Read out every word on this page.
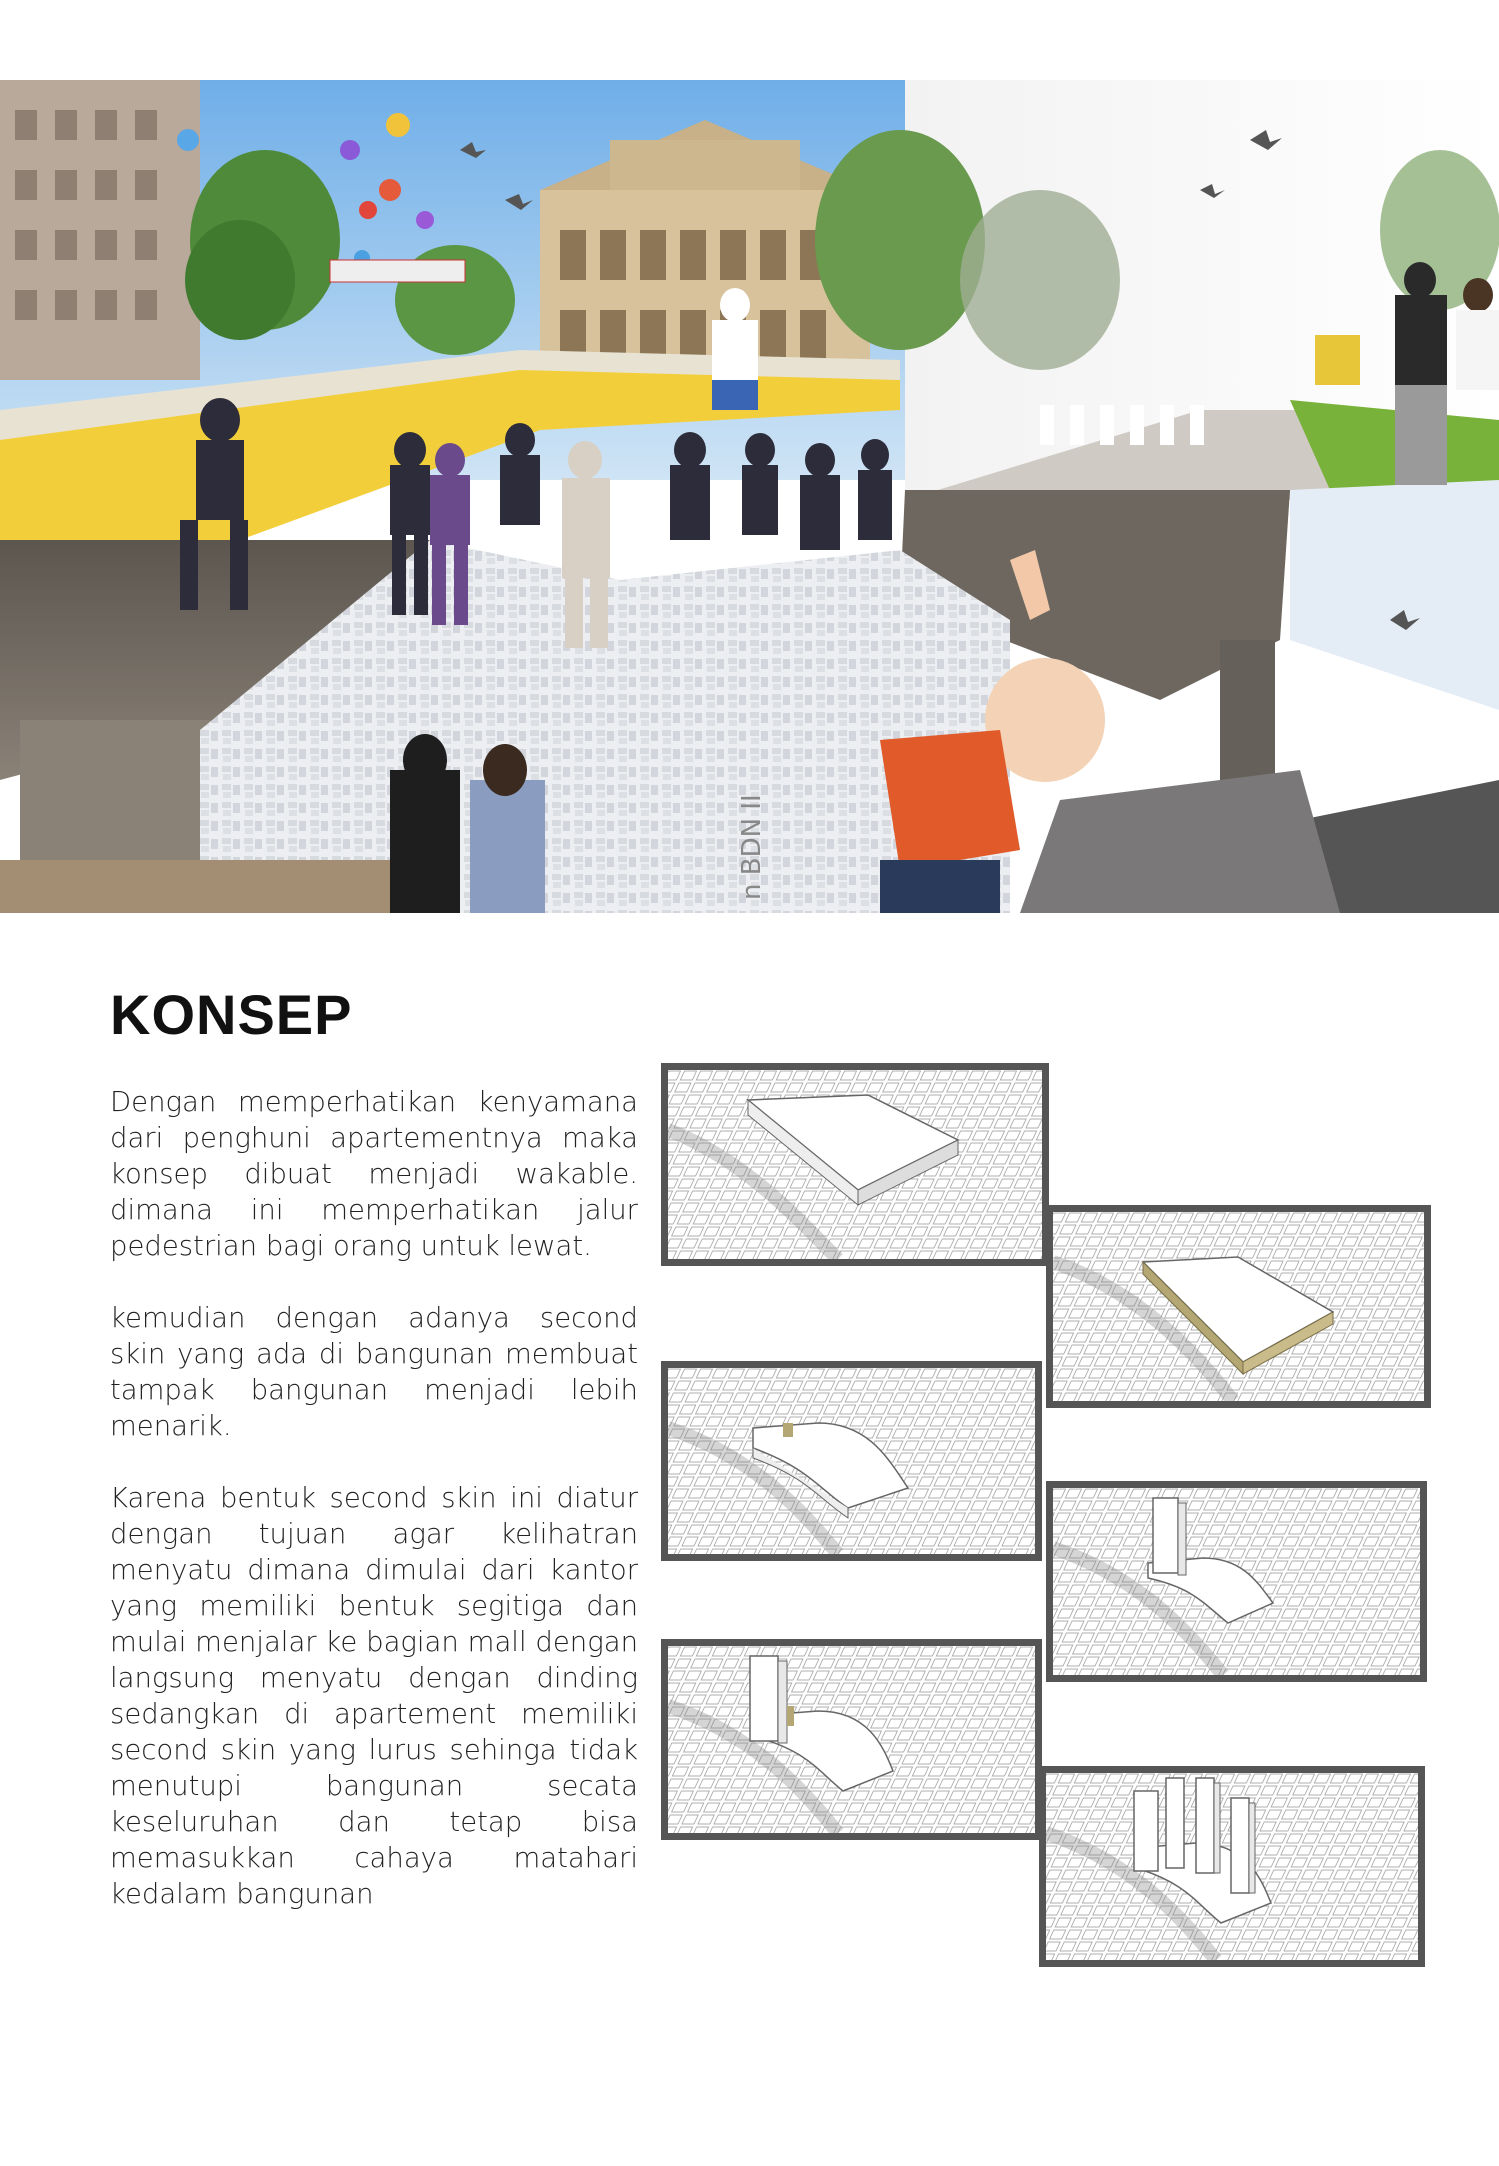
n BDN II
KONSEP

Dengan memperhatikan kenyamana dari penghuni apartementnya maka konsep dibuat menjadi wakable. dimana ini memperhatikan jalur pedestrian bagi orang untuk lewat.

kemudian dengan adanya second skin yang ada di bangunan membuat tampak bangunan menjadi lebih menarik.

Karena bentuk second skin ini diatur dengan tujuan agar kelihatran menyatu dimana dimulai dari kantor yang memiliki bentuk segitiga dan mulai menjalar ke bagian mall dengan langsung menyatu dengan dinding sedangkan di apartement memiliki second skin yang lurus sehinga tidak menutupi bangunan secata keseluruhan dan tetap bisa memasukkan cahaya matahari kedalam bangunan
